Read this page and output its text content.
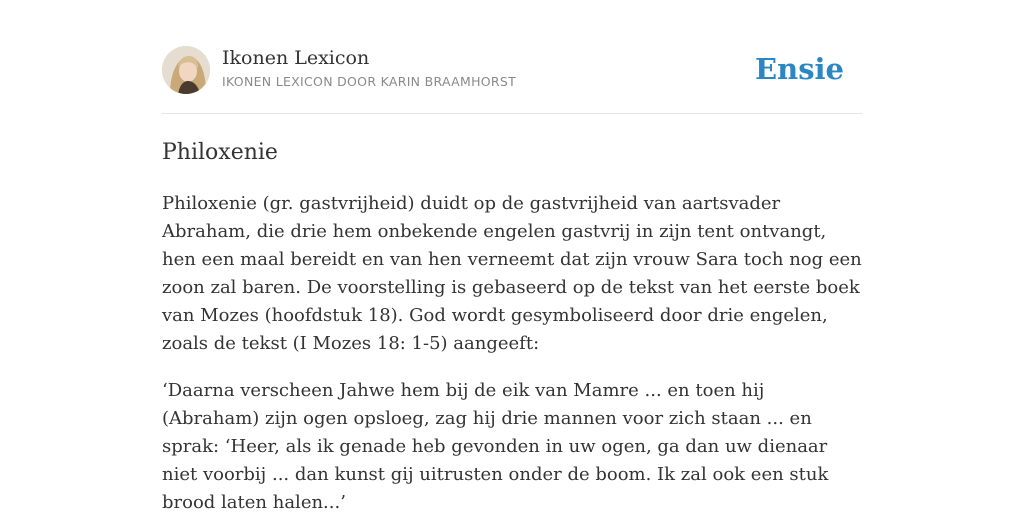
Ikonen Lexicon
IKONEN LEXICON DOOR KARIN BRAAMHORST	Ensie
Philoxenie

Philoxenie (gr. gastvrijheid) duidt op de gastvrijheid van aartsvader Abraham, die drie hem onbekende engelen gastvrij in zijn tent ontvangt, hen een maal bereidt en van hen verneemt dat zijn vrouw Sara toch nog een zoon zal baren. De voorstelling is gebaseerd op de tekst van het eerste boek van Mozes (hoofdstuk 18). God wordt gesymboliseerd door drie engelen, zoals de tekst (I Mozes 18: 1-5) aangeeft:

‘Daarna verscheen Jahwe hem bij de eik van Mamre ... en toen hij (Abraham) zijn ogen opsloeg, zag hij drie mannen voor zich staan ... en sprak: ‘Heer, als ik genade heb gevonden in uw ogen, ga dan uw dienaar niet voorbij ... dan kunst gij uitrusten onder de boom. Ik zal ook een stuk brood laten halen...’
